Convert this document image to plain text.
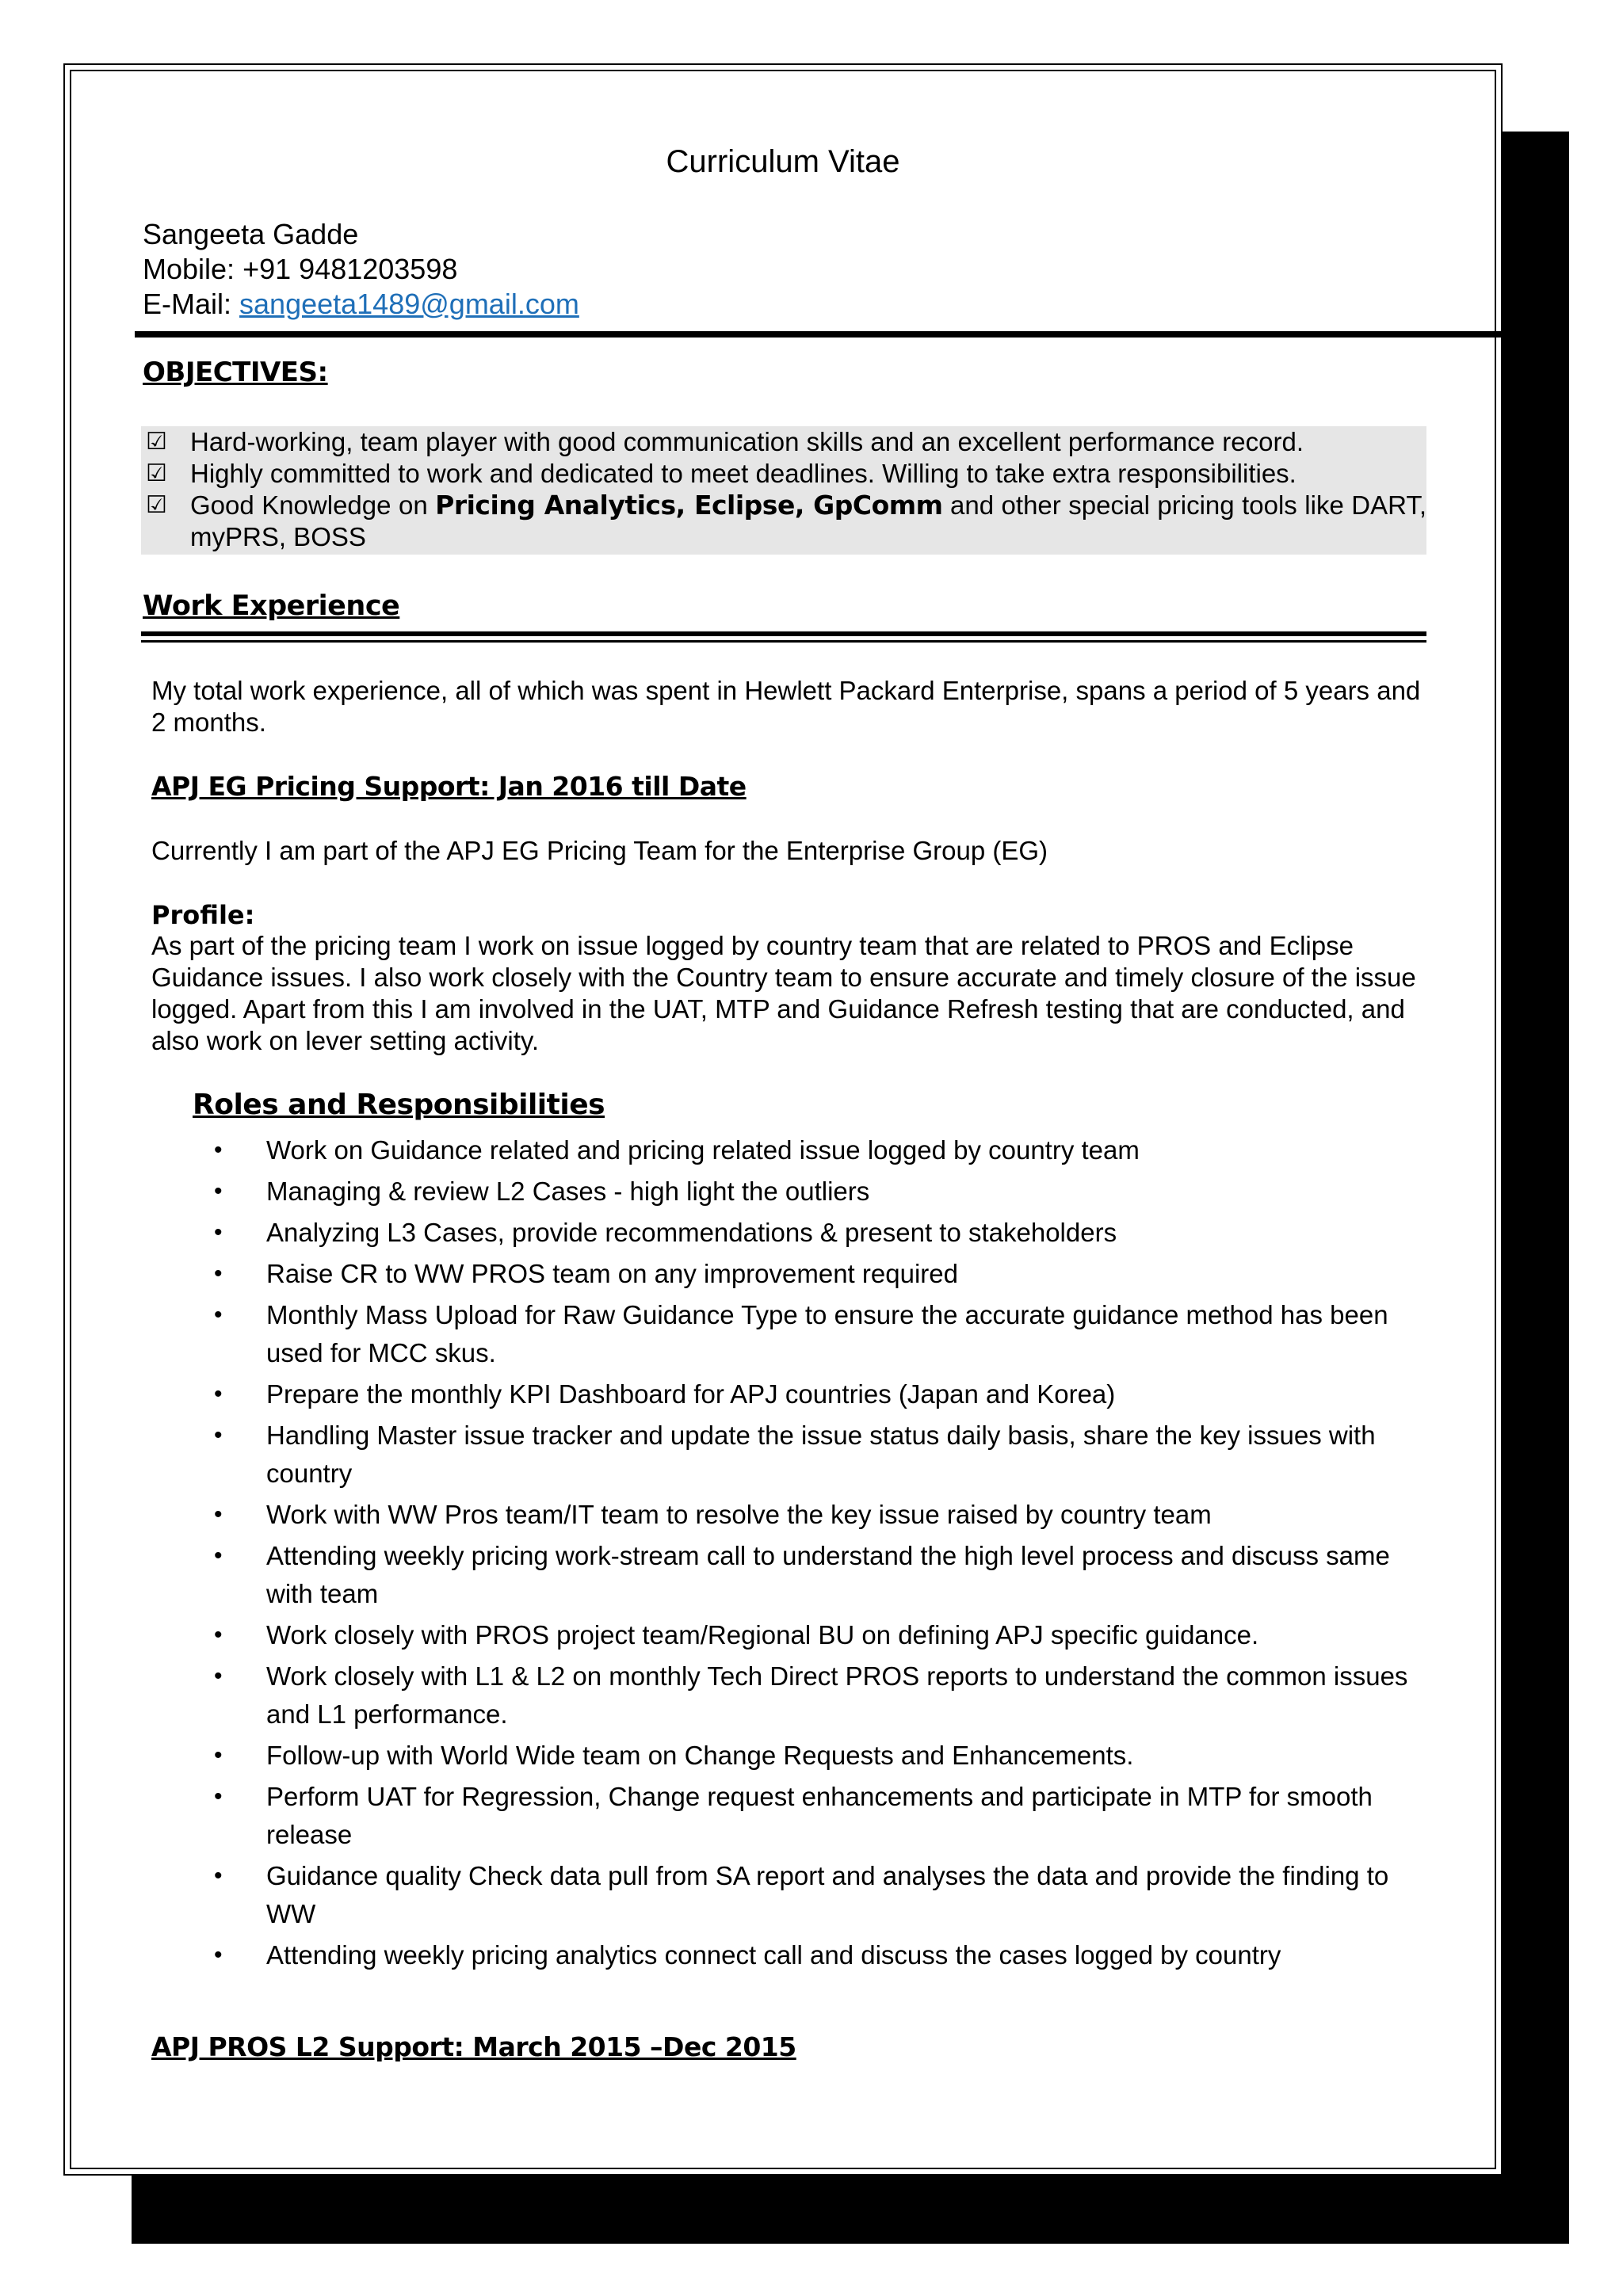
Curriculum Vitae
Sangeeta Gadde
Mobile: +91 9481203598
E-Mail: sangeeta1489@gmail.com
OBJECTIVES:
☑ Hard-working, team player with good communication skills and an excellent performance record.
☑ Highly committed to work and dedicated to meet deadlines. Willing to take extra responsibilities.
☑ Good Knowledge on Pricing Analytics, Eclipse, GpComm and other special pricing tools like DART, myPRS, BOSS
Work Experience
My total work experience, all of which was spent in Hewlett Packard Enterprise, spans a period of 5 years and 2 months.
APJ EG Pricing Support: Jan 2016 till Date
Currently I am part of the APJ EG Pricing Team for the Enterprise Group (EG)
Profile:
As part of the pricing team I work on issue logged by country team that are related to PROS and Eclipse Guidance issues. I also work closely with the Country team to ensure accurate and timely closure of the issue logged. Apart from this I am involved in the UAT, MTP and Guidance Refresh testing that are conducted, and also work on lever setting activity.
Roles and Responsibilities
• Work on Guidance related and pricing related issue logged by country team
• Managing & review L2 Cases - high light the outliers
• Analyzing L3 Cases, provide recommendations & present to stakeholders
• Raise CR to WW PROS team on any improvement required
• Monthly Mass Upload for Raw Guidance Type to ensure the accurate guidance method has been used for MCC skus.
• Prepare the monthly KPI Dashboard for APJ countries (Japan and Korea)
• Handling Master issue tracker and update the issue status daily basis, share the key issues with country
• Work with WW Pros team/IT team to resolve the key issue raised by country team
• Attending weekly pricing work-stream call to understand the high level process and discuss same with team
• Work closely with PROS project team/Regional BU on defining APJ specific guidance.
• Work closely with L1 & L2 on monthly Tech Direct PROS reports to understand the common issues and L1 performance.
• Follow-up with World Wide team on Change Requests and Enhancements.
• Perform UAT for Regression, Change request enhancements and participate in MTP for smooth release
• Guidance quality Check data pull from SA report and analyses the data and provide the finding to WW
• Attending weekly pricing analytics connect call and discuss the cases logged by country
APJ PROS L2 Support: March 2015 –Dec 2015
